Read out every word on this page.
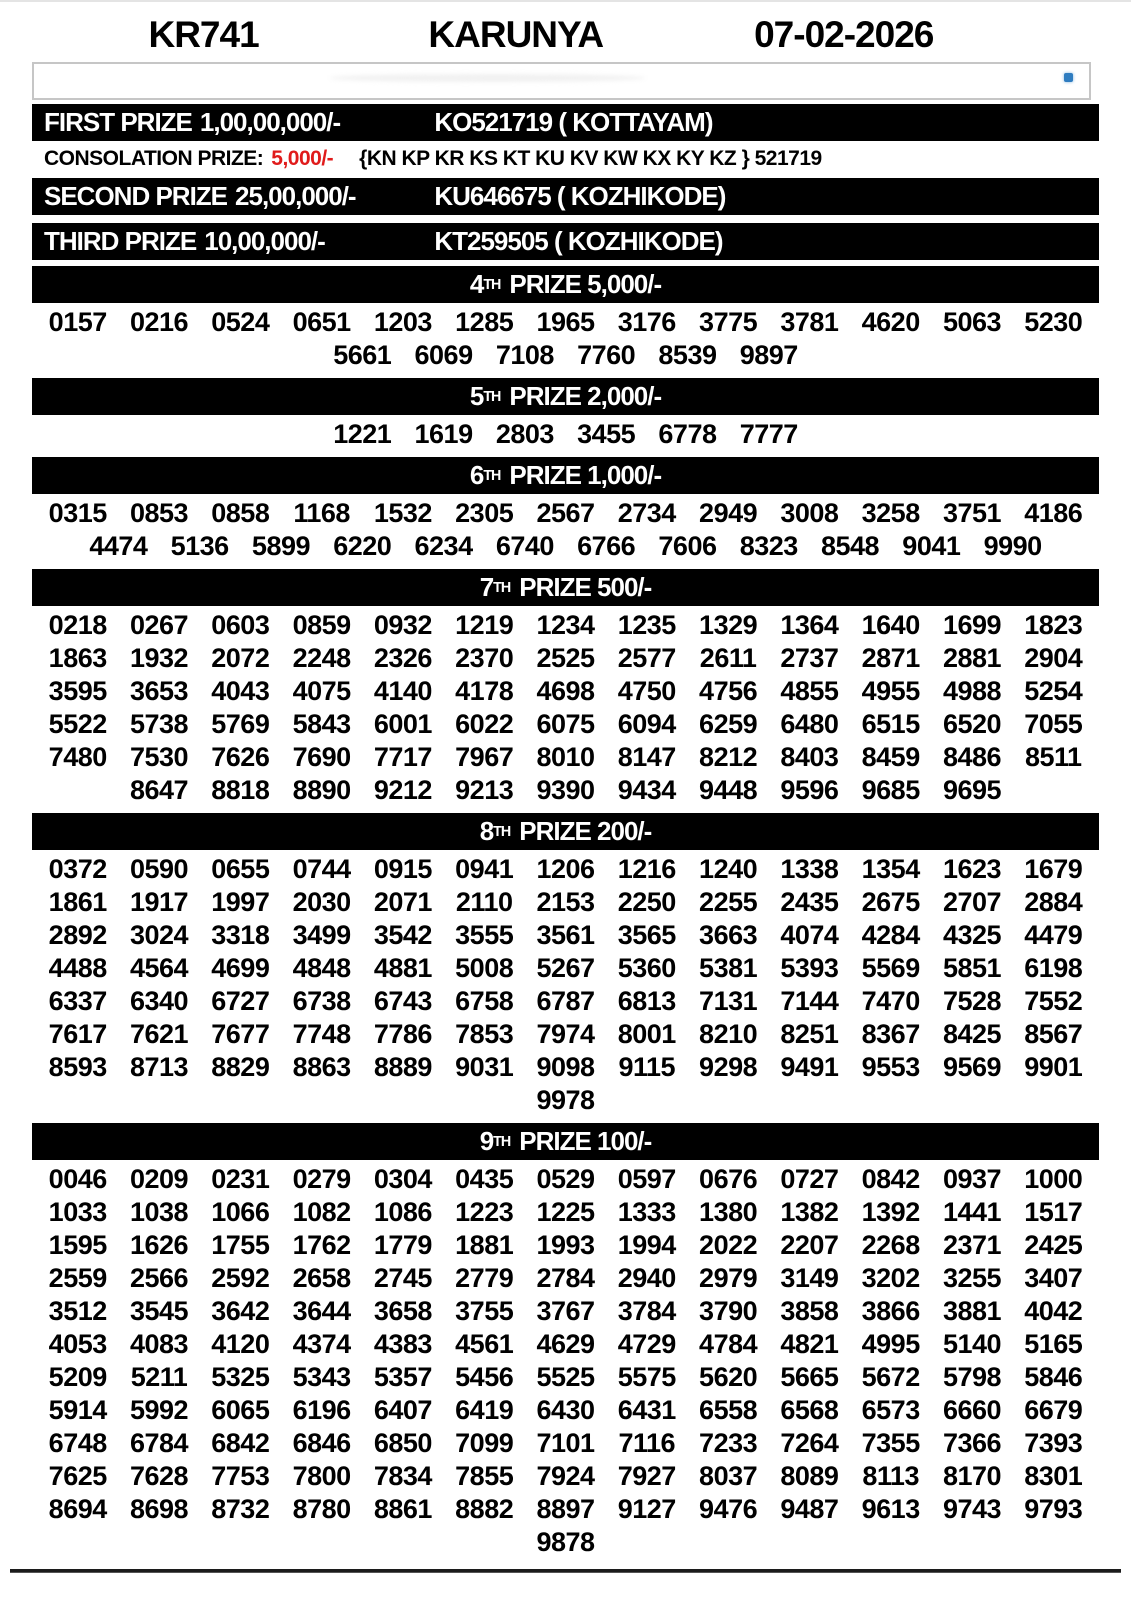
KR741	KARUNYA	07-02-2026
FIRST PRIZE 1,00,00,000/-	KO521719 ( KOTTAYAM)
CONSOLATION PRIZE: 5,000/- {KN KP KR KS KT KU KV KW KX KY KZ } 521719
SECOND PRIZE 25,00,000/-	KU646675 ( KOZHIKODE)
THIRD PRIZE 10,00,000/-	KT259505 ( KOZHIKODE)
4 TH PRIZE 5,000/-
0157 0216 0524 0651 1203 1285 1965 3176 3775 3781 4620 5063 5230
5661 6069 7108 7760 8539 9897
5 TH PRIZE 2,000/-
1221 1619 2803 3455 6778 7777
6 TH PRIZE 1,000/-
0315 0853 0858 1168 1532 2305 2567 2734 2949 3008 3258 3751 4186
4474 5136 5899 6220 6234 6740 6766 7606 8323 8548 9041 9990
7 TH PRIZE 500/-
0218 0267 0603 0859 0932 1219 1234 1235 1329 1364 1640 1699 1823
1863 1932 2072 2248 2326 2370 2525 2577 2611 2737 2871 2881 2904
3595 3653 4043 4075 4140 4178 4698 4750 4756 4855 4955 4988 5254
5522 5738 5769 5843 6001 6022 6075 6094 6259 6480 6515 6520 7055
7480 7530 7626 7690 7717 7967 8010 8147 8212 8403 8459 8486 8511
8647 8818 8890 9212 9213 9390 9434 9448 9596 9685 9695
8 TH PRIZE 200/-
0372 0590 0655 0744 0915 0941 1206 1216 1240 1338 1354 1623 1679
1861 1917 1997 2030 2071 2110 2153 2250 2255 2435 2675 2707 2884
2892 3024 3318 3499 3542 3555 3561 3565 3663 4074 4284 4325 4479
4488 4564 4699 4848 4881 5008 5267 5360 5381 5393 5569 5851 6198
6337 6340 6727 6738 6743 6758 6787 6813 7131 7144 7470 7528 7552
7617 7621 7677 7748 7786 7853 7974 8001 8210 8251 8367 8425 8567
8593 8713 8829 8863 8889 9031 9098 9115 9298 9491 9553 9569 9901
9978
9 TH PRIZE 100/-
0046 0209 0231 0279 0304 0435 0529 0597 0676 0727 0842 0937 1000
1033 1038 1066 1082 1086 1223 1225 1333 1380 1382 1392 1441 1517
1595 1626 1755 1762 1779 1881 1993 1994 2022 2207 2268 2371 2425
2559 2566 2592 2658 2745 2779 2784 2940 2979 3149 3202 3255 3407
3512 3545 3642 3644 3658 3755 3767 3784 3790 3858 3866 3881 4042
4053 4083 4120 4374 4383 4561 4629 4729 4784 4821 4995 5140 5165
5209 5211 5325 5343 5357 5456 5525 5575 5620 5665 5672 5798 5846
5914 5992 6065 6196 6407 6419 6430 6431 6558 6568 6573 6660 6679
6748 6784 6842 6846 6850 7099 7101 7116 7233 7264 7355 7366 7393
7625 7628 7753 7800 7834 7855 7924 7927 8037 8089 8113 8170 8301
8694 8698 8732 8780 8861 8882 8897 9127 9476 9487 9613 9743 9793
9878
